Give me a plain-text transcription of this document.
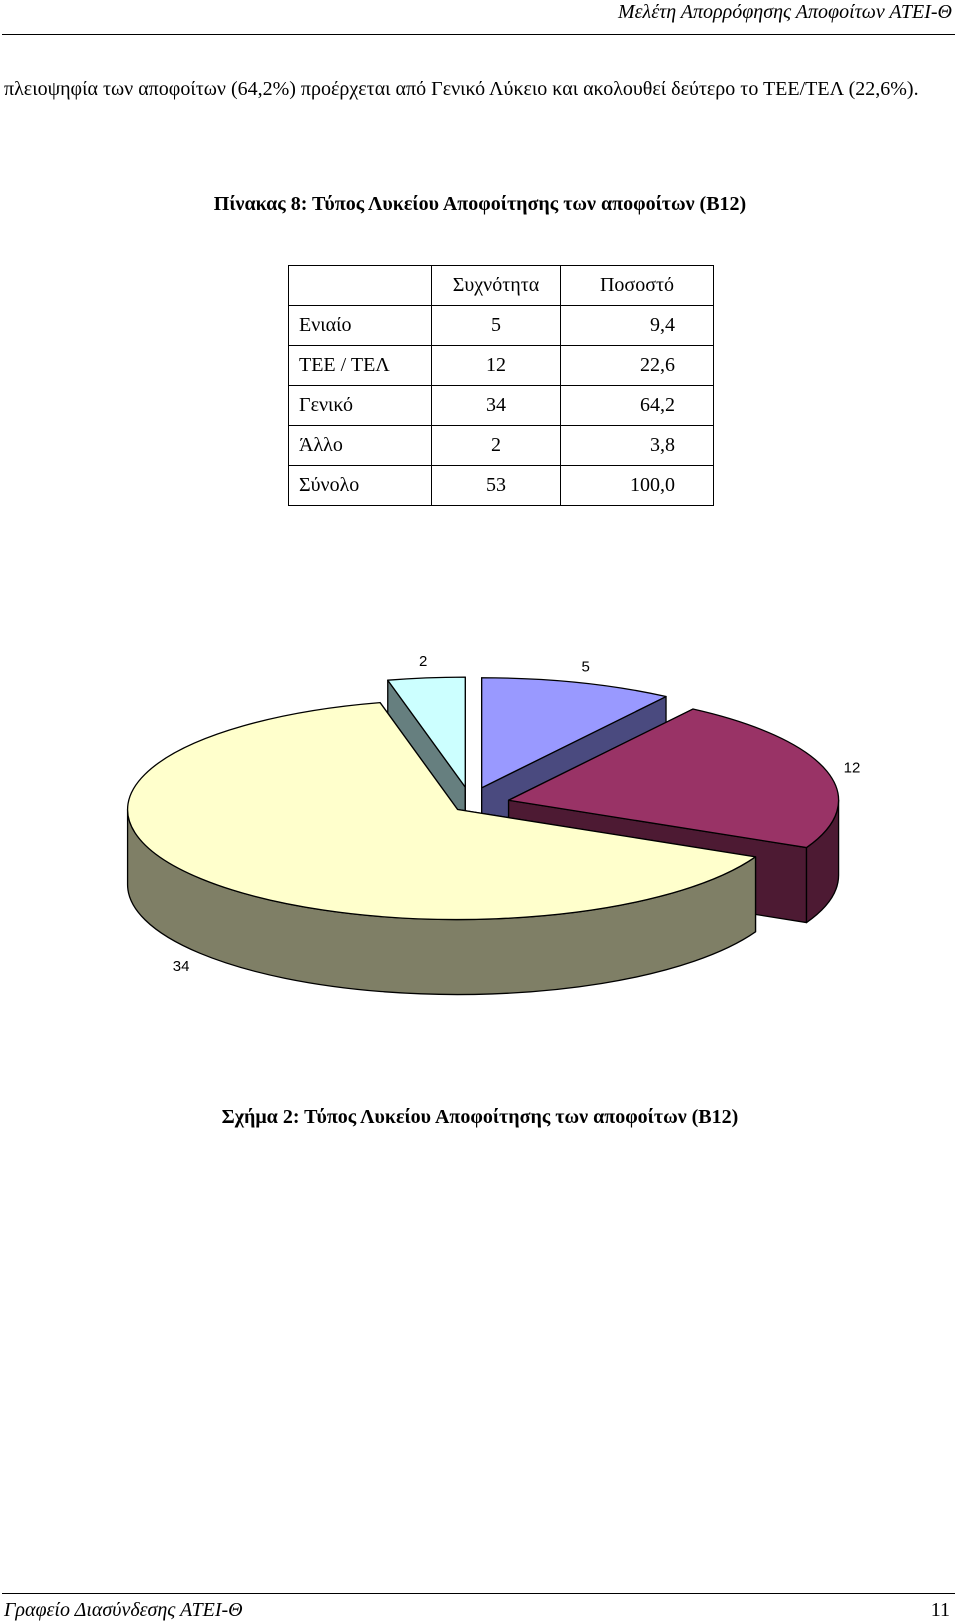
Μελέτη Απορρόφησης Αποφοίτων ΑΤΕΙ-Θ

πλειοψηφία των αποφοίτων (64,2%) προέρχεται από Γενικό Λύκειο και ακολουθεί δεύτερο το ΤΕΕ/ΤΕΛ (22,6%).

Πίνακας 8: Τύπος Λυκείου Αποφοίτησης των αποφοίτων (Β12)

	Συχνότητα	Ποσοστό
Ενιαίο	5	9,4
ΤΕΕ / ΤΕΛ	12	22,6
Γενικό	34	64,2
Άλλο	2	3,8
Σύνολο	53	100,0
5
12
34
2

Σχήμα 2: Τύπος Λυκείου Αποφοίτησης των αποφοίτων (Β12)

Γραφείο Διασύνδεσης ΑΤΕΙ-Θ	11
